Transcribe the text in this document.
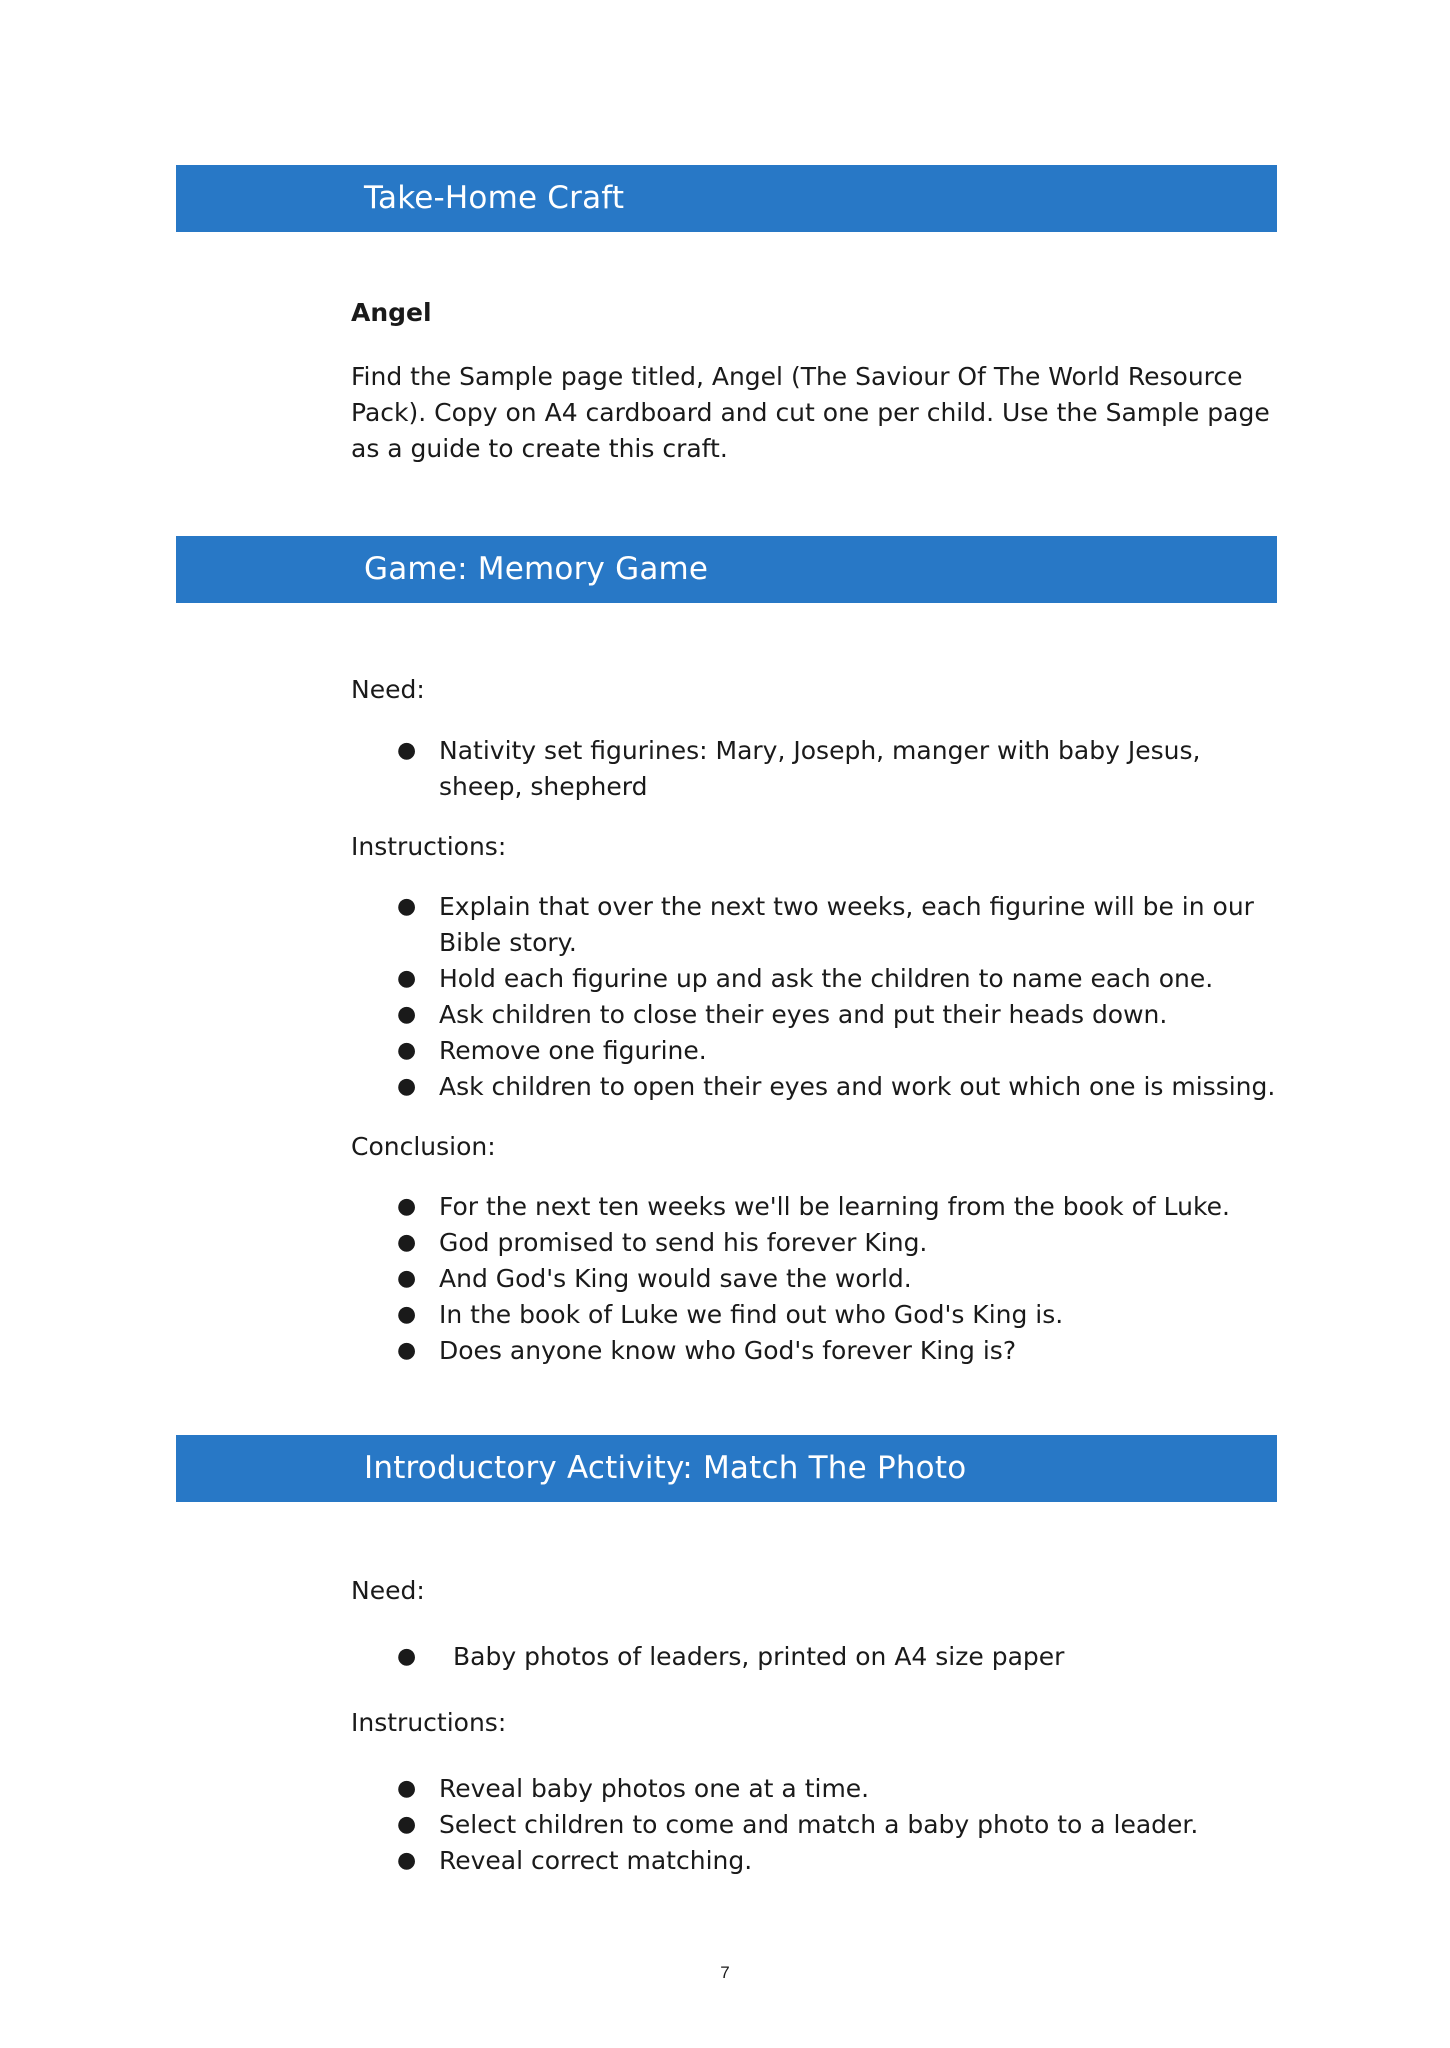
Take-Home Craft

Angel

Find the Sample page titled, Angel (The Saviour Of The World Resource Pack). Copy on A4 cardboard and cut one per child. Use the Sample page as a guide to create this craft.

Game: Memory Game

Need:

● Nativity set figurines: Mary, Joseph, manger with baby Jesus, sheep, shepherd

Instructions:

● Explain that over the next two weeks, each figurine will be in our Bible story.
● Hold each figurine up and ask the children to name each one.
● Ask children to close their eyes and put their heads down.
● Remove one figurine.
● Ask children to open their eyes and work out which one is missing.

Conclusion:

● For the next ten weeks we'll be learning from the book of Luke.
● God promised to send his forever King.
● And God's King would save the world.
● In the book of Luke we find out who God's King is.
● Does anyone know who God's forever King is?
Introductory Activity: Match The Photo

Need:

● Baby photos of leaders, printed on A4 size paper

Instructions:

● Reveal baby photos one at a time.
● Select children to come and match a baby photo to a leader.
● Reveal correct matching.
7
